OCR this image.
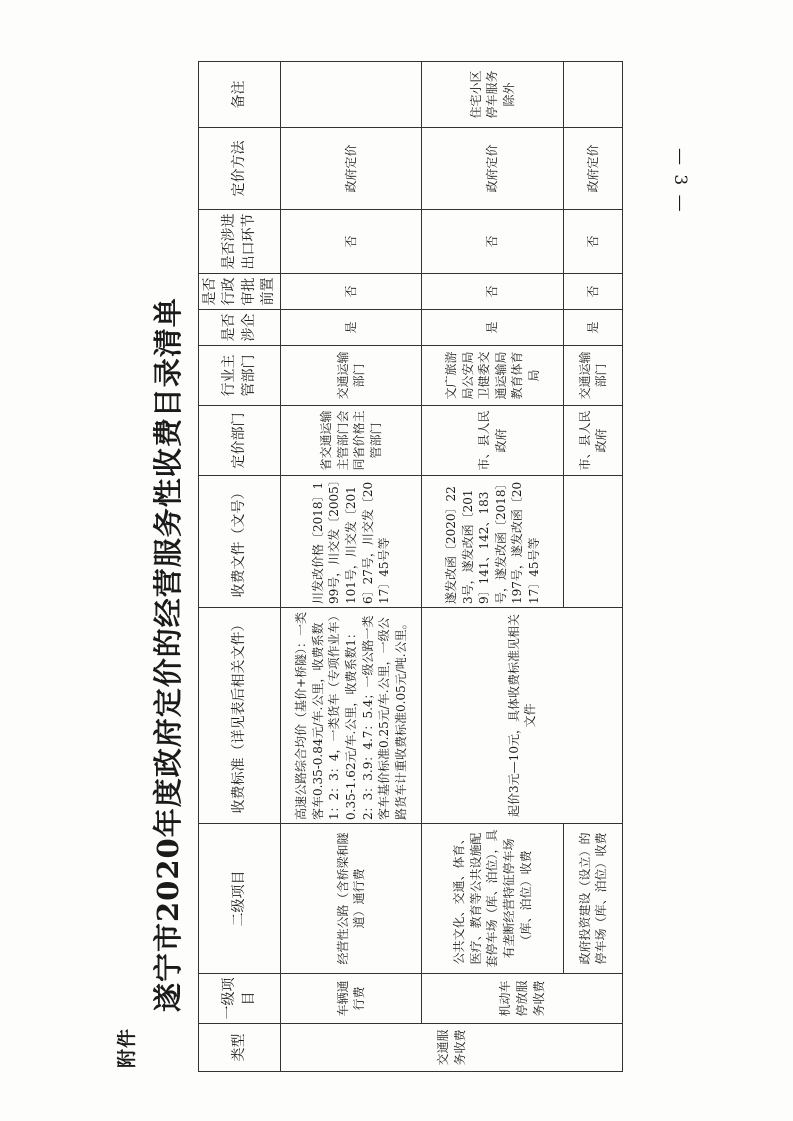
附件
— 3 —
遂宁市2020年度政府定价的经营服务性收费目录清单
类型	一级项目	二级项目	收费标准（详见表后相关文件）	收费文件（文号）	定价部门	行业主管部门	是否涉企	是否行政审批前置	是否涉进出口环节	定价方法	备注
交通服务收费	车辆通行费	经营性公路（含桥梁和隧道）通行费	高速公路综合均价（基价+桥隧）：一类客车0.35-0.84元/车.公里，收费系数1：2：3：4，一类货车（专项作业车）0.35-1.62元/车.公里，收费系数1：2：3：3.9：4.7：5.4；一级公路一类客车基价标准0.25元/车.公里，一级公路货车计重收费标准0.05元/吨.公里。	川发改价格〔2018〕199号，川交发〔2005〕101号，川交发〔2016〕27号，川交发〔2017〕45号等	省交通运输主管部门会同省价格主管部门	交通运输部门	是	否	否	政府定价	
	机动车停放服务收费	公共文化、交通、体育、医疗、教育等公共设施配套停车场（库、泊位），具有垄断经营特征停车场（库、泊位）收费	起价3元—10元，具体收费标准见相关文件	遂发改函〔2020〕223号，遂发改函〔2019〕141、142、183号，遂发改函〔2018〕197号，遂发改函〔2017〕45号等	市、县人民政府	文广旅游局公安局卫健委交通运输局教育体育局	是	否	否	政府定价	住宅小区停车服务除外
		政府投资建设（设立）的停车场（库、泊位）收费			市、县人民政府	交通运输部门	是	否	否	政府定价	
